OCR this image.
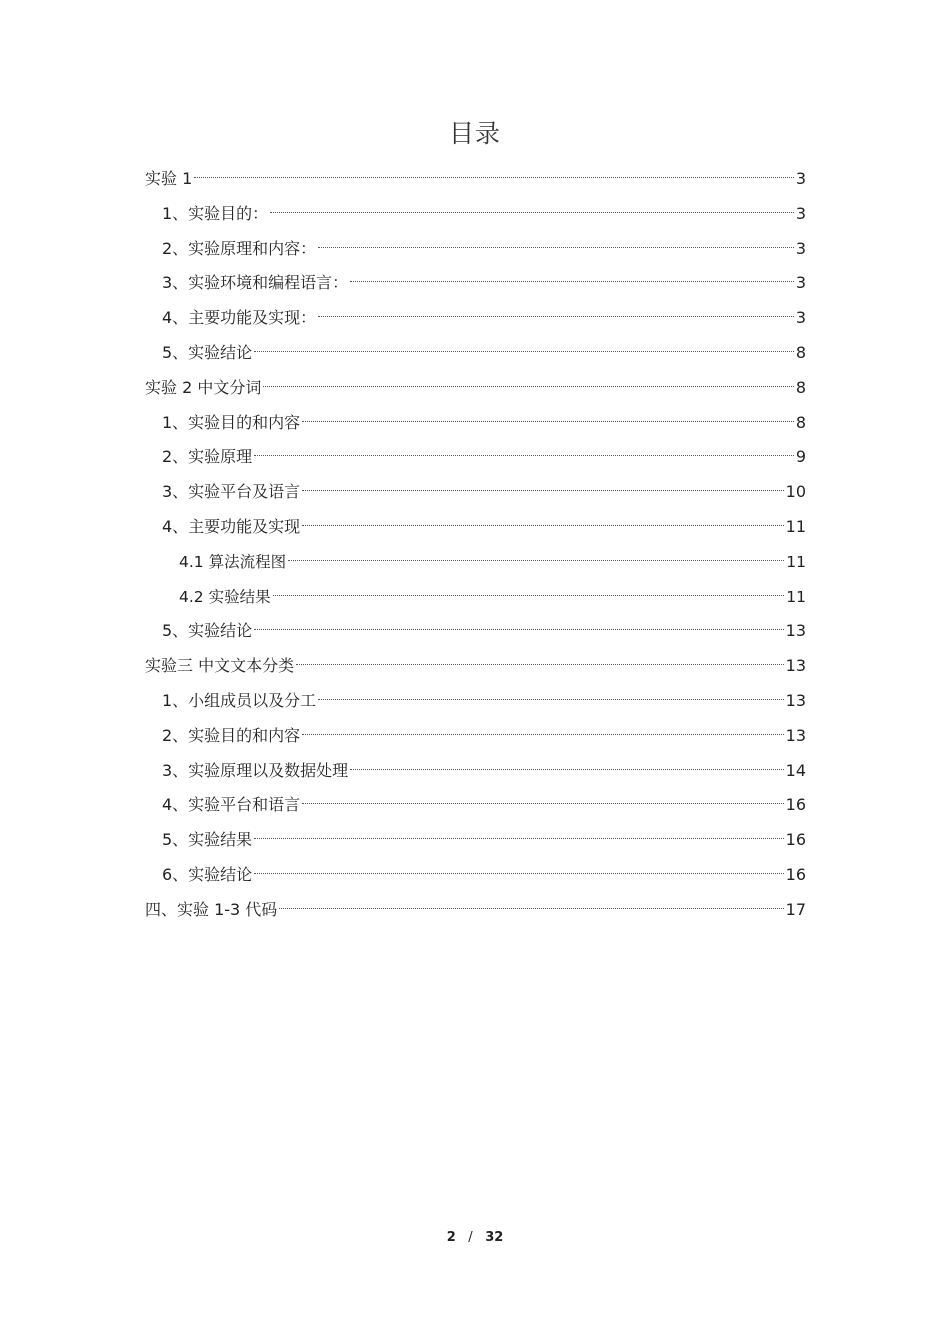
目录
实验 1	3
1、实验目的：	3
2、实验原理和内容：	3
3、实验环境和编程语言：	3
4、主要功能及实现：	3
5、实验结论	8
实验 2 中文分词	8
1、实验目的和内容	8
2、实验原理	9
3、实验平台及语言	10
4、主要功能及实现	11
4.1 算法流程图	11
4.2 实验结果	11
5、实验结论	13
实验三 中文文本分类	13
1、小组成员以及分工	13
2、实验目的和内容	13
3、实验原理以及数据处理	14
4、实验平台和语言	16
5、实验结果	16
6、实验结论	16
四、实验 1-3 代码	17
2 / 32
